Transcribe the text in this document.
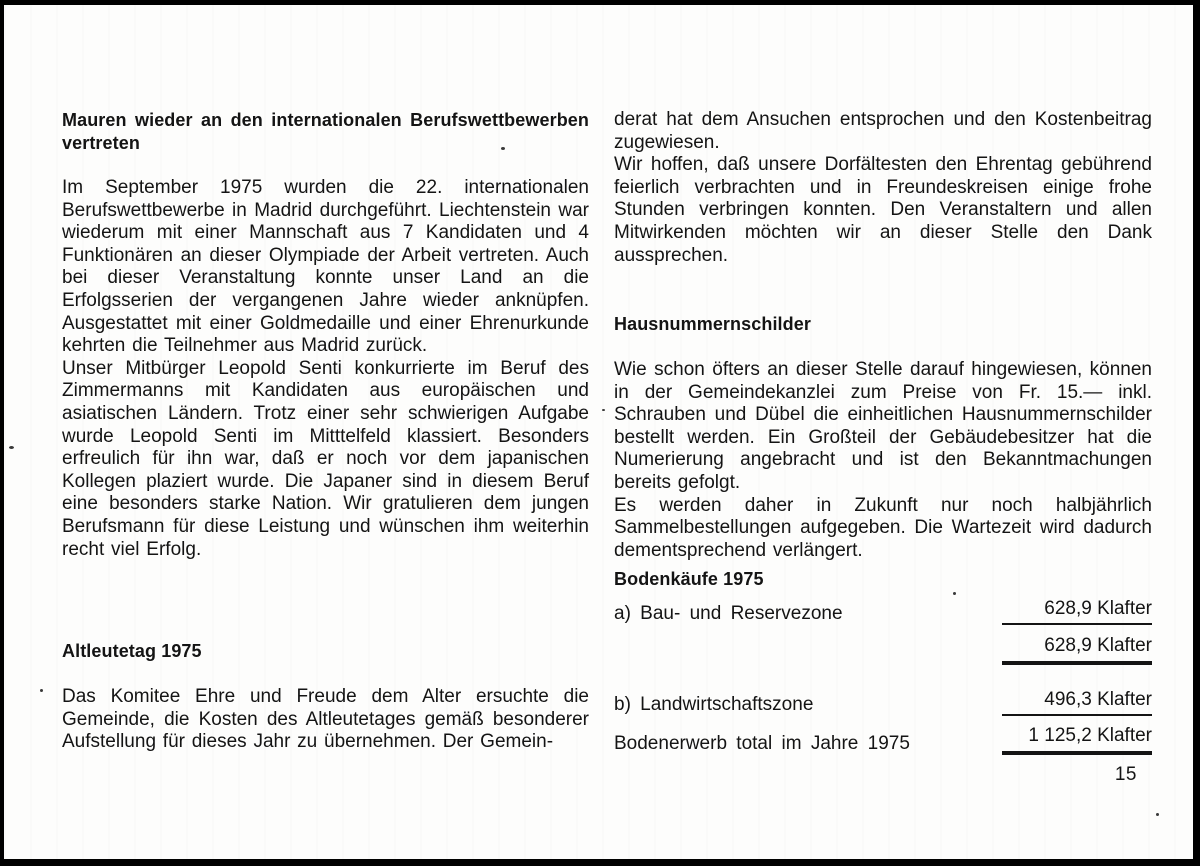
Mauren wieder an den internationalen Berufswettbewerben vertreten

Im September 1975 wurden die 22. internationalen Berufswettbewerbe in Madrid durchgeführt. Liechtenstein war wiederum mit einer Mannschaft aus 7 Kandidaten und 4 Funktionären an dieser Olympiade der Arbeit vertreten. Auch bei dieser Veranstaltung konnte unser Land an die Erfolgsserien der vergangenen Jahre wieder anknüpfen. Ausgestattet mit einer Goldmedaille und einer Ehrenurkunde kehrten die Teilnehmer aus Madrid zurück.

Unser Mitbürger Leopold Senti konkurrierte im Beruf des Zimmermanns mit Kandidaten aus europäischen und asiatischen Ländern. Trotz einer sehr schwierigen Aufgabe wurde Leopold Senti im Mitttelfeld klassiert. Besonders erfreulich für ihn war, daß er noch vor dem japanischen Kollegen plaziert wurde. Die Japaner sind in diesem Beruf eine besonders starke Nation. Wir gratulieren dem jungen Berufsmann für diese Leistung und wünschen ihm weiterhin recht viel Erfolg.

Altleutetag 1975

Das Komitee Ehre und Freude dem Alter ersuchte die Gemeinde, die Kosten des Altleutetages gemäß besonderer Aufstellung für dieses Jahr zu übernehmen. Der Gemein-

derat hat dem Ansuchen entsprochen und den Kostenbeitrag zugewiesen.

Wir hoffen, daß unsere Dorfältesten den Ehrentag gebührend feierlich verbrachten und in Freundeskreisen einige frohe Stunden verbringen konnten. Den Veranstaltern und allen Mitwirkenden möchten wir an dieser Stelle den Dank aussprechen.

Hausnummernschilder

Wie schon öfters an dieser Stelle darauf hingewiesen, können in der Gemeindekanzlei zum Preise von Fr. 15.— inkl. Schrauben und Dübel die einheitlichen Hausnummernschilder bestellt werden. Ein Großteil der Gebäudebesitzer hat die Numerierung angebracht und ist den Bekanntmachungen bereits gefolgt.

Es werden daher in Zukunft nur noch halbjährlich Sammelbestellungen aufgegeben. Die Wartezeit wird dadurch dementsprechend verlängert.

Bodenkäufe 1975
a) Bau- und Reservezone	628,9 Klafter
628,9 Klafter
b) Landwirtschaftszone	496,3 Klafter
Bodenerwerb total im Jahre 1975	1 125,2 Klafter
15
